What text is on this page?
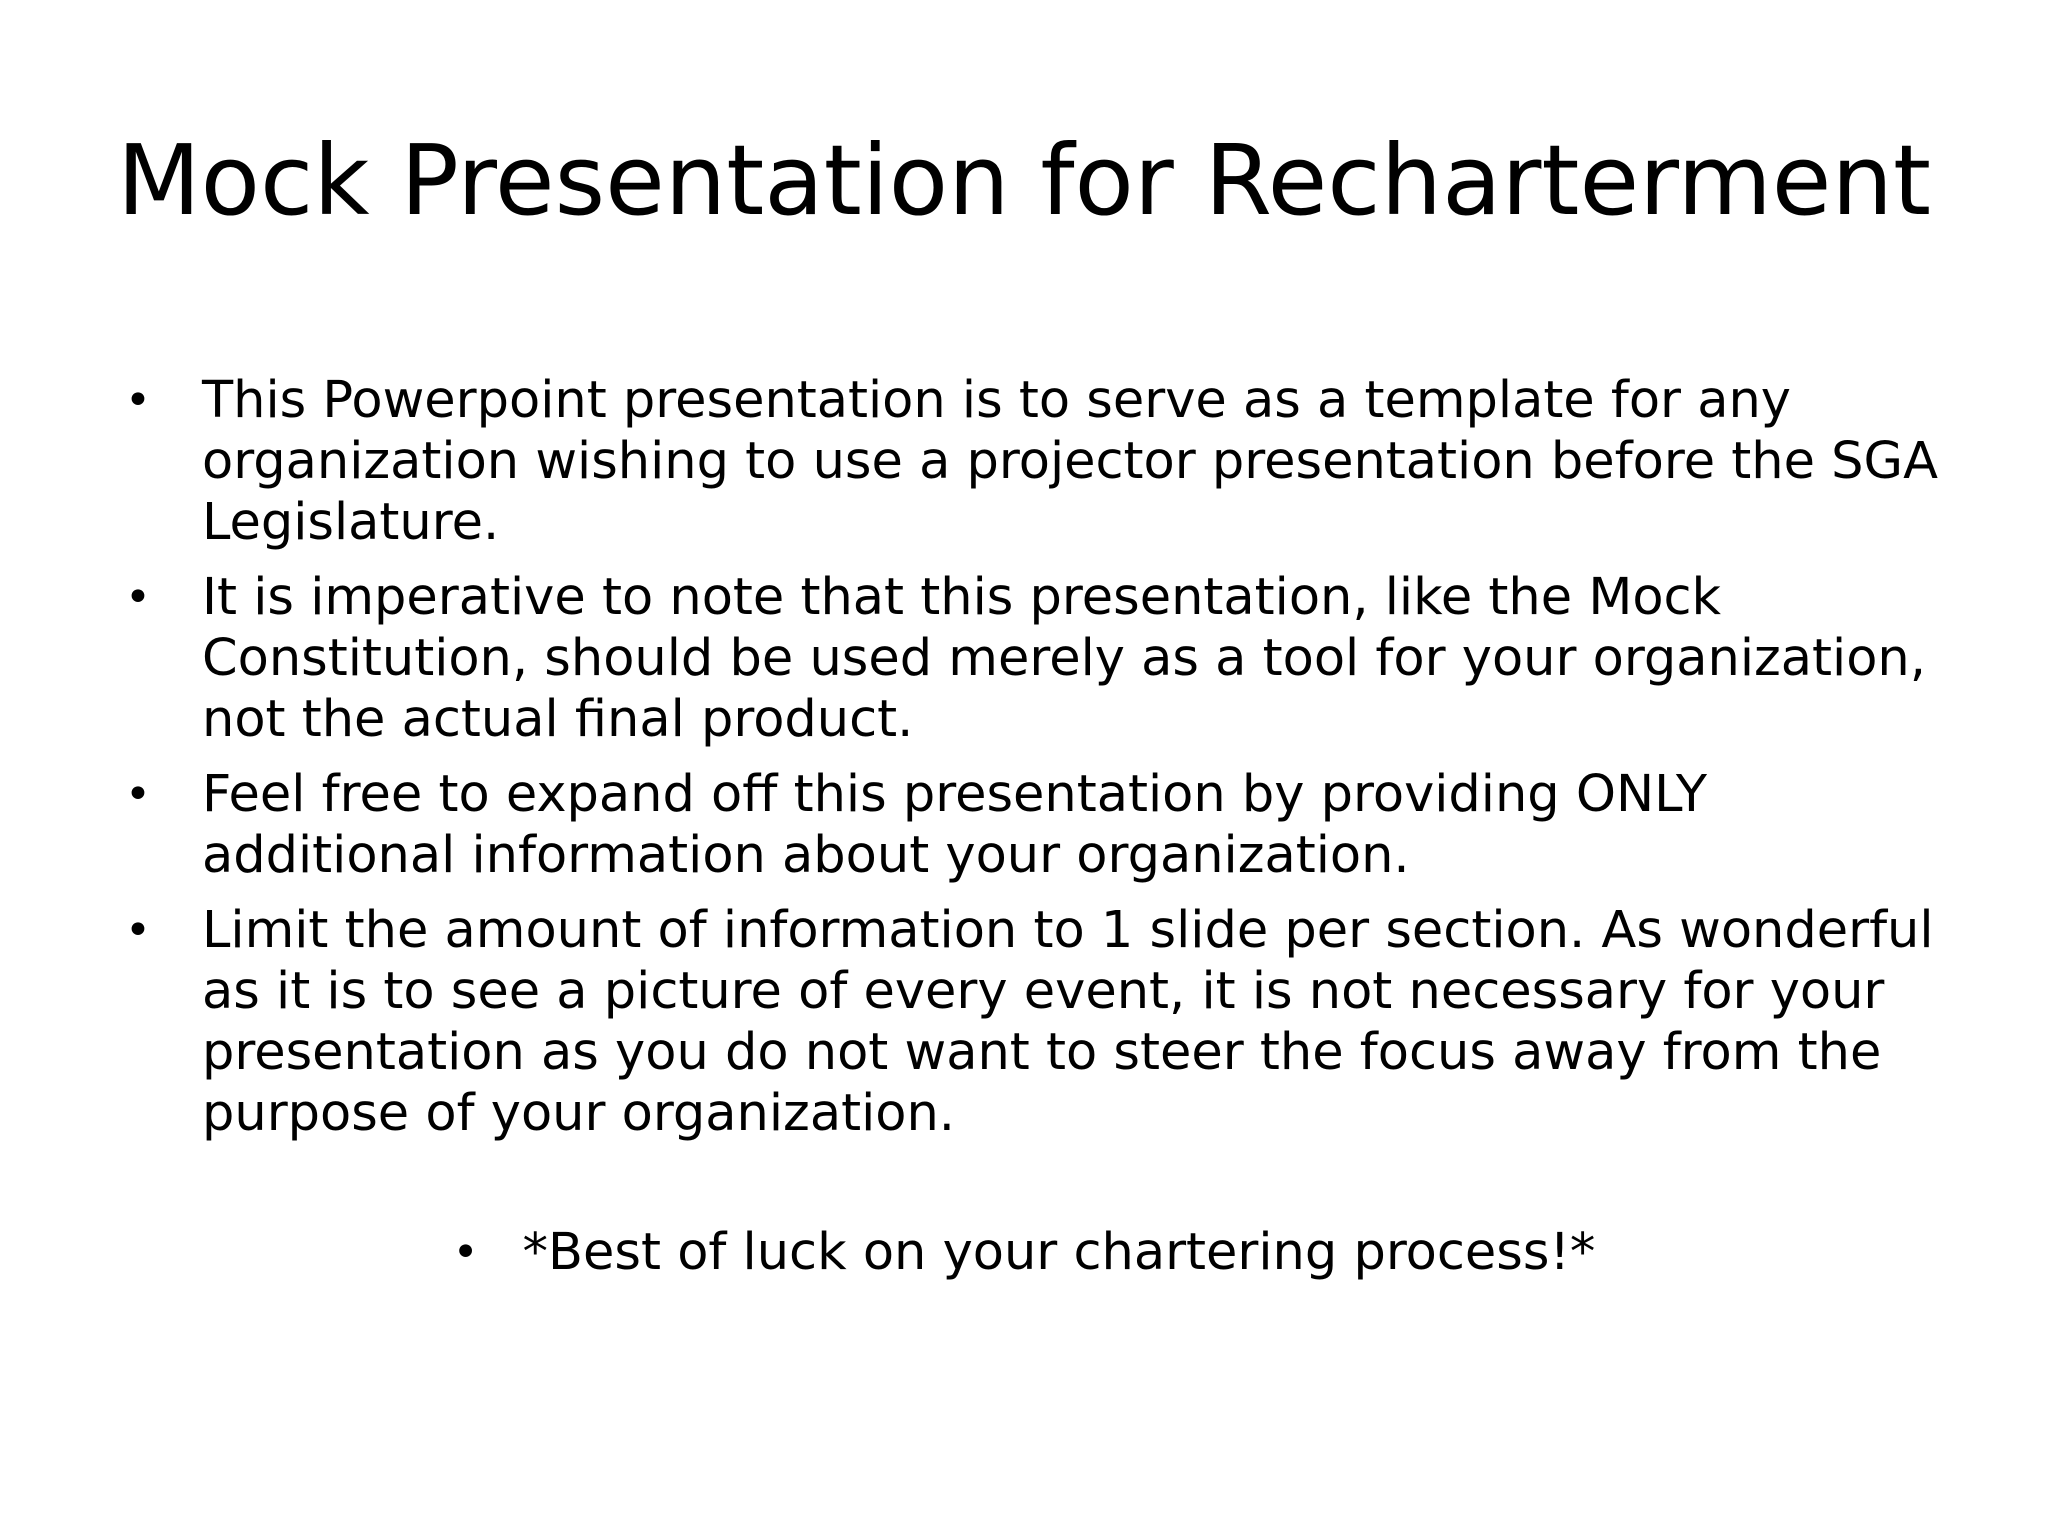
Mock Presentation for Recharterment
• This Powerpoint presentation is to serve as a template for any organization wishing to use a projector presentation before the SGA Legislature.
• It is imperative to note that this presentation, like the Mock Constitution, should be used merely as a tool for your organization, not the actual final product.
• Feel free to expand off this presentation by providing ONLY additional information about your organization.
• Limit the amount of information to 1 slide per section. As wonderful as it is to see a picture of every event, it is not necessary for your presentation as you do not want to steer the focus away from the purpose of your organization.
• *Best of luck on your chartering process!*
